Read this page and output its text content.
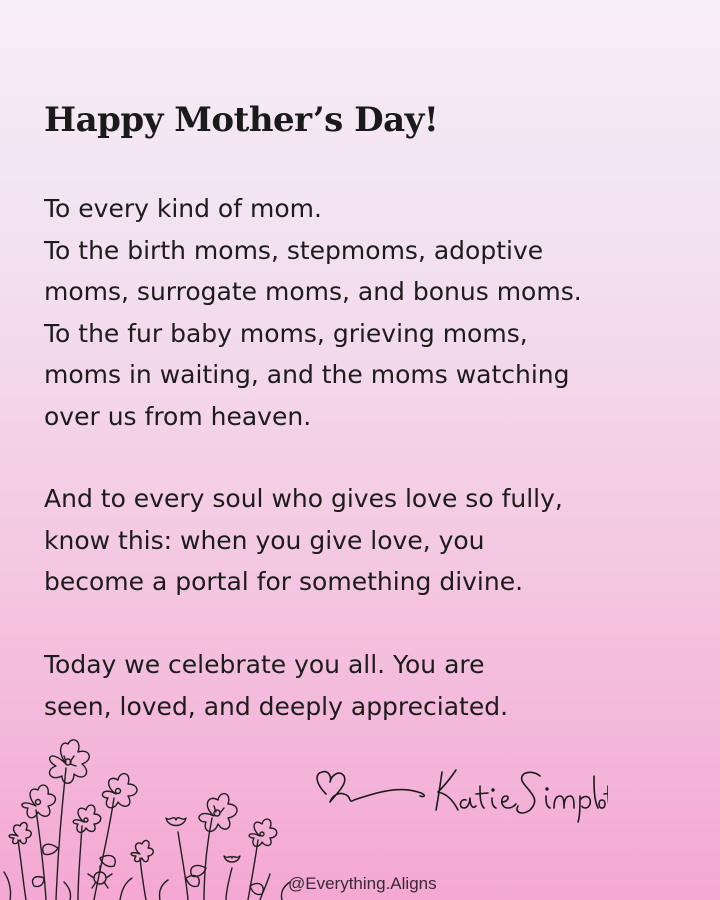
Happy Mother’s Day!

To every kind of mom.
To the birth moms, stepmoms, adoptive
moms, surrogate moms, and bonus moms.
To the fur baby moms, grieving moms,
moms in waiting, and the moms watching
over us from heaven.

And to every soul who gives love so fully,
know this: when you give love, you
become a portal for something divine.

Today we celebrate you all. You are
seen, loved, and deeply appreciated.

@Everything.Aligns
